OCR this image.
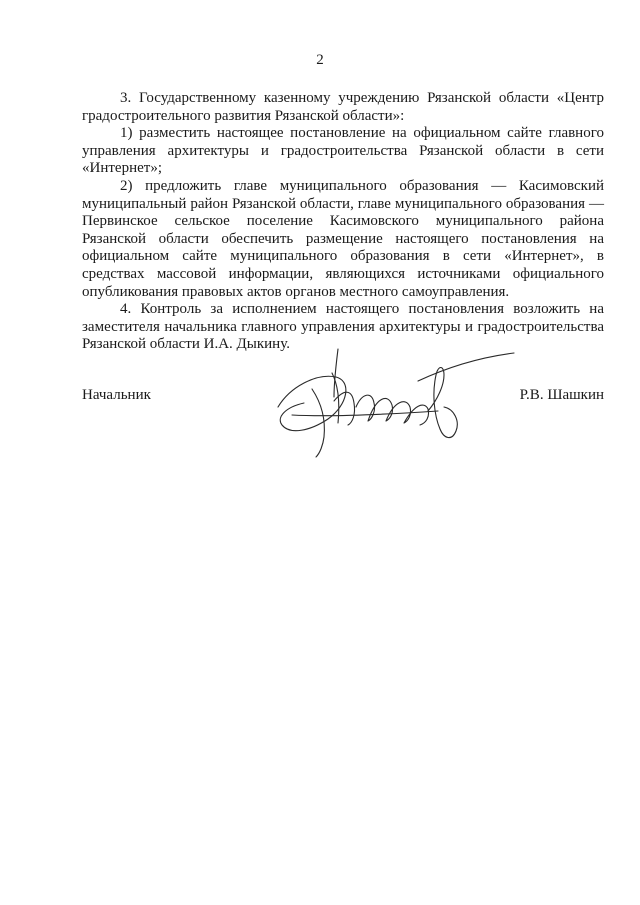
2

3. Государственному казенному учреждению Рязанской области «Центр градостроительного развития Рязанской области»:

1) разместить настоящее постановление на официальном сайте главного управления архитектуры и градостроительства Рязанской области в сети «Интернет»;

2) предложить главе муниципального образования — Касимовский муниципальный район Рязанской области, главе муниципального образования — Первинское сельское поселение Касимовского муниципального района Рязанской области обеспечить размещение настоящего постановления на официальном сайте муниципального образования в сети «Интернет», в средствах массовой информации, являющихся источниками официального опубликования правовых актов органов местного самоуправления.

4. Контроль за исполнением настоящего постановления возложить на заместителя начальника главного управления архитектуры и градостроительства Рязанской области И.А. Дыкину.

Начальник	Р.В. Шашкин
